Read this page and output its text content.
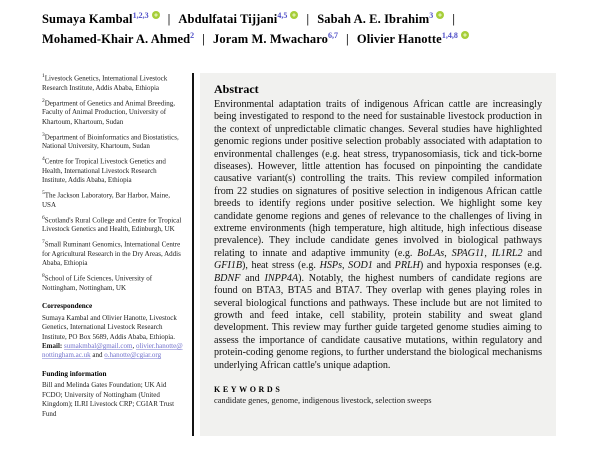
Sumaya Kambal$^{1,2,3}$ | Abdulfatai Tijjani$^{4,5}$ | Sabah A. E. Ibrahim$^3$ |Mohamed-Khair A. Ahmed$^2$ | Joram M. Mwacharo$^{6,7}$ | Olivier Hanotte$^{1,4,8}$

$^1$Livestock Genetics, International Livestock Research Institute, Addis Ababa, Ethiopia

$^2$Department of Genetics and Animal Breeding, Faculty of Animal Production, University of Khartoum, Khartoum, Sudan

$^3$Department of Bioinformatics and Biostatistics, National University, Khartoum, Sudan

$^4$Centre for Tropical Livestock Genetics and Health, International Livestock Research Institute, Addis Ababa, Ethiopia

$^5$The Jackson Laboratory, Bar Harbor, Maine, USA

$^6$Scotland's Rural College and Centre for Tropical Livestock Genetics and Health, Edinburgh, UK

$^7$Small Ruminant Genomics, International Centre for Agricultural Research in the Dry Areas, Addis Ababa, Ethiopia

$^8$School of Life Sciences, University of Nottingham, Nottingham, UK

Correspondence

Sumaya Kambal and Olivier Hanotte, Livestock Genetics, International Livestock Research Institute, PO Box 5689, Addis Ababa, Ethiopia.

Email: sumakmbal@gmail.com, olivier.hanotte@nottingham.ac.uk and o.hanotte@cgiar.org

Funding information

Bill and Melinda Gates Foundation; UK Aid FCDO; University of Nottingham (United Kingdom); ILRI Livestock CRP; CGIAR Trust Fund

Abstract

Environmental adaptation traits of indigenous African cattle are increasingly being investigated to respond to the need for sustainable livestock production in the context of unpredictable climatic changes. Several studies have highlighted genomic regions under positive selection probably associated with adaptation to environmental challenges (e.g. heat stress, trypanosomiasis, tick and tick-borne diseases). However, little attention has focused on pinpointing the candidate causative variant(s) controlling the traits. This review compiled information from 22 studies on signatures of positive selection in indigenous African cattle breeds to identify regions under positive selection. We highlight some key candidate genome regions and genes of relevance to the challenges of living in extreme environments (high temperature, high altitude, high infectious disease prevalence). They include candidate genes involved in biological pathways relating to innate and adaptive immunity (e.g. BoLAs, SPAG11, IL1RL2 and GFI1B), heat stress (e.g. HSPs, SOD1 and PRLH) and hypoxia responses (e.g. BDNF and INPP4A). Notably, the highest numbers of candidate regions are found on BTA3, BTA5 and BTA7. They overlap with genes playing roles in several biological functions and pathways. These include but are not limited to growth and feed intake, cell stability, protein stability and sweat gland development. This review may further guide targeted genome studies aiming to assess the importance of candidate causative mutations, within regulatory and protein-coding genome regions, to further understand the biological mechanisms underlying African cattle's unique adaption.

KEYWORDS

candidate genes, genome, indigenous livestock, selection sweeps
